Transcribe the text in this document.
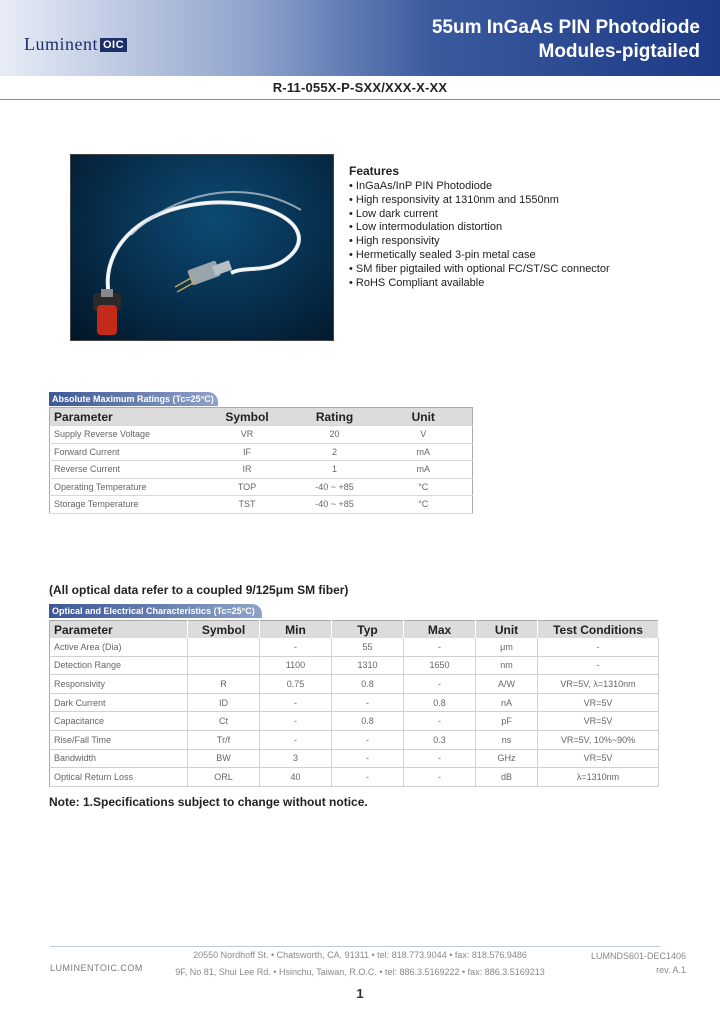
Luminent OIC
55um InGaAs PIN Photodiode
Modules-pigtailed
R-11-055X-P-SXX/XXX-X-XX
Features
• InGaAs/InP PIN Photodiode
• High responsivity at 1310nm and 1550nm
• Low dark current
• Low intermodulation distortion
• High responsivity
• Hermetically sealed 3-pin metal case
• SM fiber pigtailed with optional FC/ST/SC connector
• RoHS Compliant available
Absolute Maximum Ratings (Tc=25°C)
Parameter	Symbol	Rating	Unit
Supply Reverse Voltage	VR	20	V
Forward Current	IF	2	mA
Reverse Current	IR	1	mA
Operating Temperature	TOP	-40 ~ +85	°C
Storage Temperature	TST	-40 ~ +85	°C
(All optical data refer to a coupled 9/125μm SM fiber)
Optical and Electrical Characteristics (Tc=25°C)
Parameter	Symbol	Min	Typ	Max	Unit	Test Conditions
Active Area (Dia)		-	55	-	μm	-
Detection Range		1100	1310	1650	nm	-
Responsivity	R	0.75	0.8	-	A/W	VR=5V, λ=1310nm
Dark Current	ID	-	-	0.8	nA	VR=5V
Capacitance	Ct	-	0.8	-	pF	VR=5V
Rise/Fall Time	Tr/f	-	-	0.3	ns	VR=5V, 10%~90%
Bandwidth	BW	3	-	-	GHz	VR=5V
Optical Return Loss	ORL	40	-	-	dB	λ=1310nm
Note: 1.Specifications subject to change without notice.
LUMINENTOIC.COM
20550 Nordhoff St. • Chatsworth, CA. 91311 • tel: 818.773.9044 • fax: 818.576.9486
9F, No 81, Shui Lee Rd. • Hsinchu, Taiwan, R.O.C. • tel: 886.3.5169222 • fax: 886.3.5169213
LUMNDS601-DEC1406
rev. A.1
1
